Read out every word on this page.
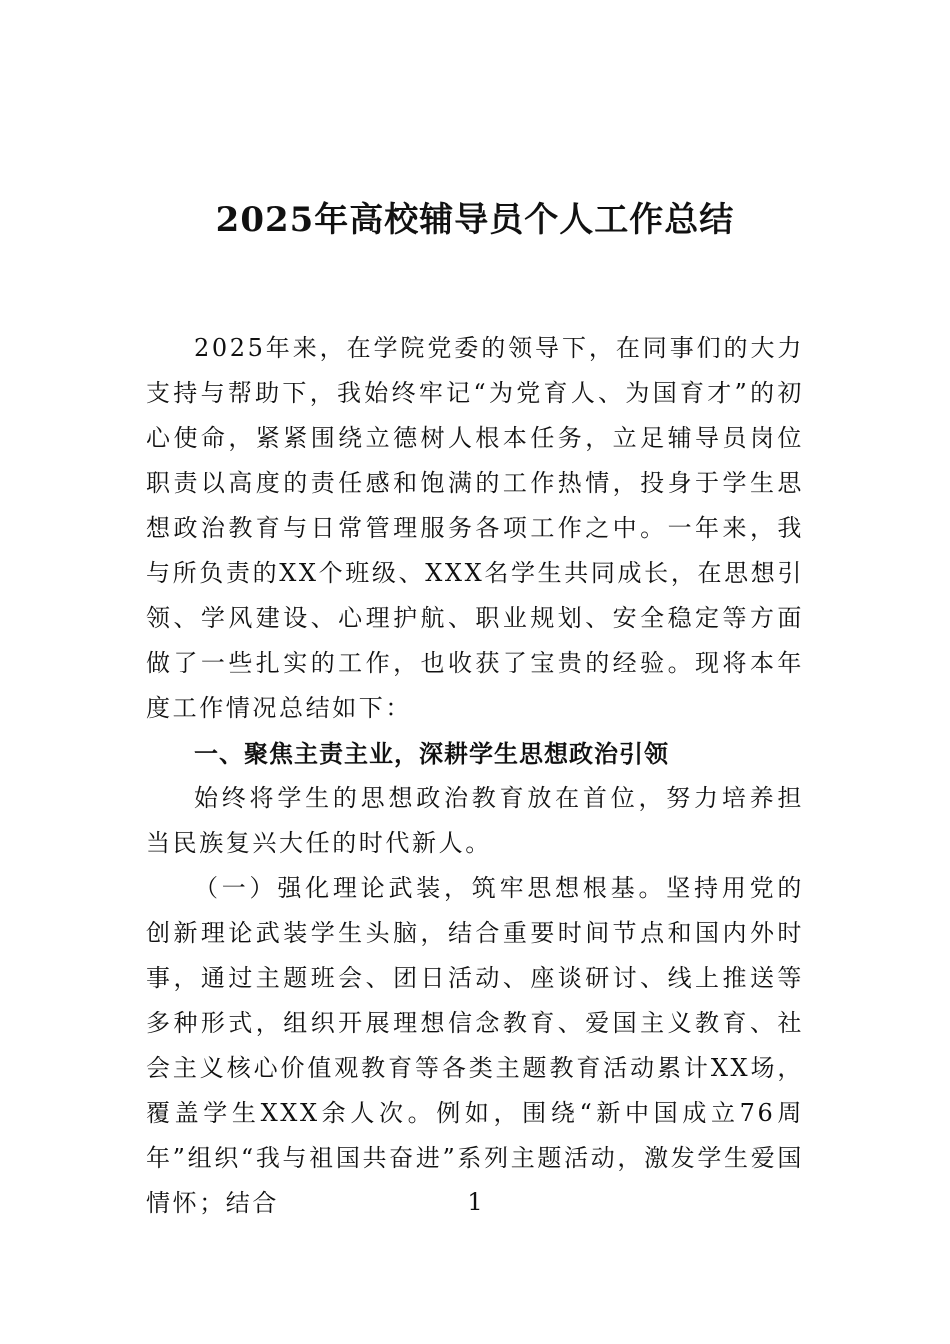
2025年高校辅导员个人工作总结

2025年来，在学院党委的领导下，在同事们的大力支持与帮助下，我始终牢记“为党育人、为国育才”的初心使命，紧紧围绕立德树人根本任务，立足辅导员岗位职责以高度的责任感和饱满的工作热情，投身于学生思想政治教育与日常管理服务各项工作之中。一年来，我与所负责的XX个班级、XXX名学生共同成长，在思想引领、学风建设、心理护航、职业规划、安全稳定等方面做了一些扎实的工作，也收获了宝贵的经验。现将本年度工作情况总结如下：

一、聚焦主责主业，深耕学生思想政治引领

始终将学生的思想政治教育放在首位，努力培养担当民族复兴大任的时代新人。

（一）强化理论武装，筑牢思想根基。坚持用党的创新理论武装学生头脑，结合重要时间节点和国内外时事，通过主题班会、团日活动、座谈研讨、线上推送等多种形式，组织开展理想信念教育、爱国主义教育、社会主义核心价值观教育等各类主题教育活动累计XX场，覆盖学生XXX余人次。例如，围绕“新中国成立76周年”组织“我与祖国共奋进”系列主题活动，激发学生爱国情怀；结合	1
